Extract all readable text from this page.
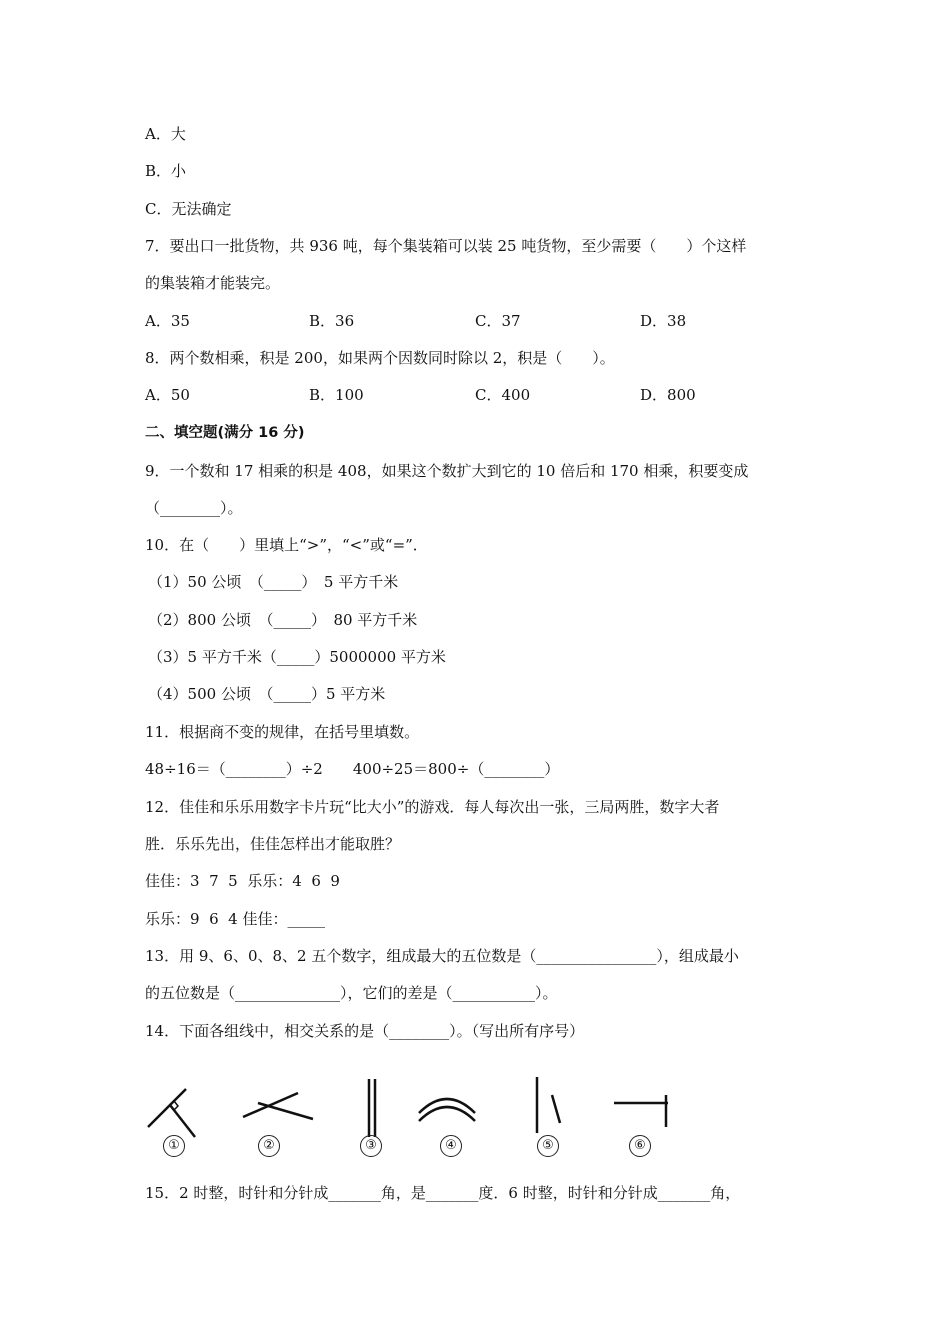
A．大
B．小
C．无法确定
7．要出口一批货物，共 936 吨，每个集装箱可以装 25 吨货物，至少需要（　　）个这样
的集装箱才能装完。
A．35	B．36	C．37	D．38
8．两个数相乘，积是 200，如果两个因数同时除以 2，积是（　　）。
A．50	B．100	C．400	D．800
二、填空题(满分 16 分)
9．一个数和 17 相乘的积是 408，如果这个数扩大到它的 10 倍后和 170 相乘，积要变成
（________）。
10．在（　　）里填上“>”，“<”或“=”．
（1）50 公顷　（_____）　5 平方千米
（2）800 公顷　（_____）　80 平方千米
（3）5 平方千米（_____）5000000 平方米
（4）500 公顷　（_____）5 平方米
11．根据商不变的规律，在括号里填数。
48÷16＝（________）÷2　　400÷25＝800÷（________）
12．佳佳和乐乐用数字卡片玩“比大小”的游戏．每人每次出一张，三局两胜，数字大者
胜．乐乐先出，佳佳怎样出才能取胜？
佳佳：3  7  5  乐乐：4  6  9
乐乐：9  6  4 佳佳：_____
13．用 9、6、0、8、2 五个数字，组成最大的五位数是（________________），组成最小
的五位数是（______________），它们的差是（___________）。
14．下面各组线中，相交关系的是（________）。（写出所有序号）
①	②	③	④	⑤	⑥
15．2 时整，时针和分针成_______角，是_______度．6 时整，时针和分针成_______角，
